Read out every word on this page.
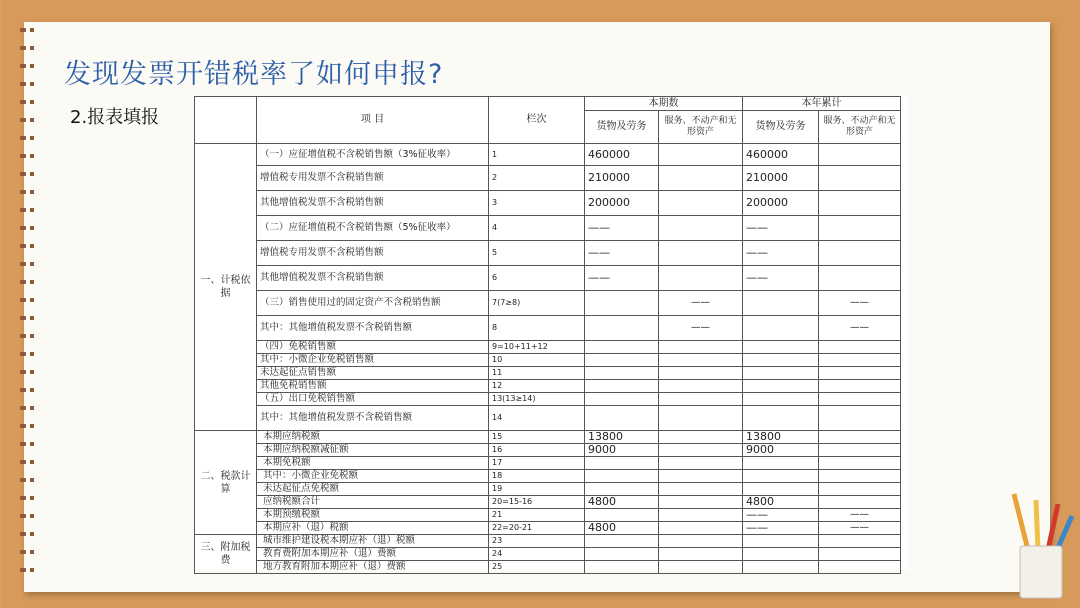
发现发票开错税率了如何申报?
2.报表填报
		项 目	栏次	本期数		本年累计	
			货物及劳务	服务、不动产和无形资产	货物及劳务	服务、不动产和无形资产
一、计税依据	（一）应征增值税不含税销售额（3%征收率）	1	460000		460000	
	增值税专用发票不含税销售额	2	210000		210000	
	其他增值税发票不含税销售额	3	200000		200000	
	（二）应征增值税不含税销售额（5%征收率）	4	——		——	
	增值税专用发票不含税销售额	5	——		——	
	其他增值税发票不含税销售额	6	——		——	
	（三）销售使用过的固定资产不含税销售额	7(7≥8)		——		——
	其中：其他增值税发票不含税销售额	8		——		——
	（四）免税销售额	9=10+11+12				
	其中：小微企业免税销售额	10				
	未达起征点销售额	11				
	其他免税销售额	12				
	（五）出口免税销售额	13(13≥14)				
	其中：其他增值税发票不含税销售额	14				
二、税款计算	本期应纳税额	15	13800		13800	
	本期应纳税额减征额	16	9000		9000	
	本期免税额	17				
	其中：小微企业免税额	18				
	未达起征点免税额	19				
	应纳税额合计	20=15-16	4800		4800	
	本期预缴税额	21			——	——
	本期应补（退）税额	22=20-21	4800		——	——
三、附加税费	城市维护建设税本期应补（退）税额	23				
	教育费附加本期应补（退）费额	24				
	地方教育附加本期应补（退）费额	25				
